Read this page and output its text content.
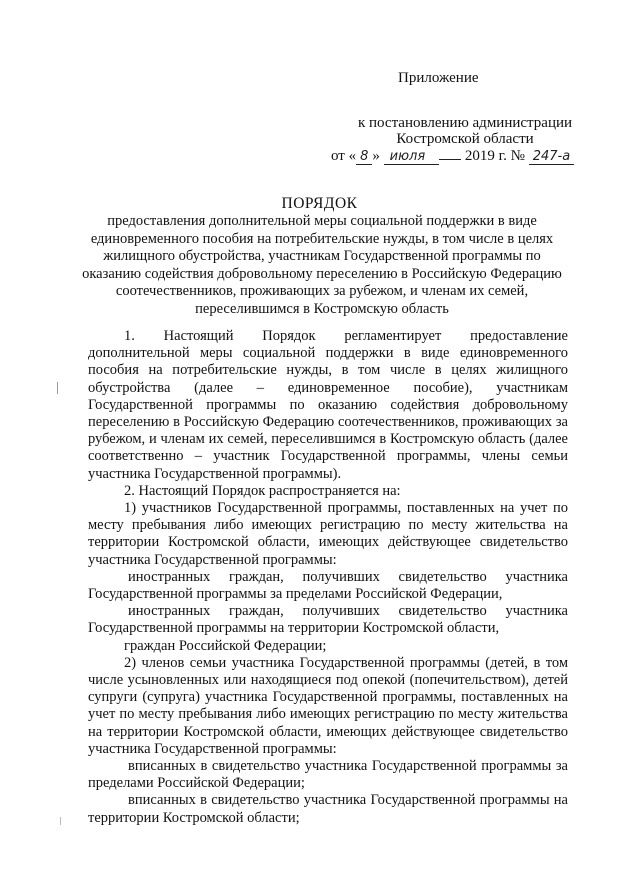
Приложение
к постановлению администрации
Костромской области
от « 8 » июля	2019 г. № 247-а
ПОРЯДОК
предоставления дополнительной меры социальной поддержки в виде единовременного пособия на потребительские нужды, в том числе в целях жилищного обустройства, участникам Государственной программы по оказанию содействия добровольному переселению в Российскую Федерацию соотечественников, проживающих за рубежом, и членам их семей, переселившимся в Костромскую область

1. Настоящий Порядок регламентирует предоставление дополнительной меры социальной поддержки в виде единовременного пособия на потребительские нужды, в том числе в целях жилищного обустройства (далее – единовременное пособие), участникам Государственной программы по оказанию содействия добровольному переселению в Российскую Федерацию соотечественников, проживающих за рубежом, и членам их семей, переселившимся в Костромскую область (далее соответственно – участник Государственной программы, члены семьи участника Государственной программы).

2. Настоящий Порядок распространяется на:

1) участников Государственной программы, поставленных на учет по месту пребывания либо имеющих регистрацию по месту жительства на территории Костромской области, имеющих действующее свидетельство участника Государственной программы:

иностранных граждан, получивших свидетельство участника Государственной программы за пределами Российской Федерации,

иностранных граждан, получивших свидетельство участника Государственной программы на территории Костромской области,

граждан Российской Федерации;

2) членов семьи участника Государственной программы (детей, в том числе усыновленных или находящиеся под опекой (попечительством), детей супруги (супруга) участника Государственной программы, поставленных на учет по месту пребывания либо имеющих регистрацию по месту жительства на территории Костромской области, имеющих действующее свидетельство участника Государственной программы:

вписанных в свидетельство участника Государственной программы за пределами Российской Федерации;

вписанных в свидетельство участника Государственной программы на территории Костромской области;
